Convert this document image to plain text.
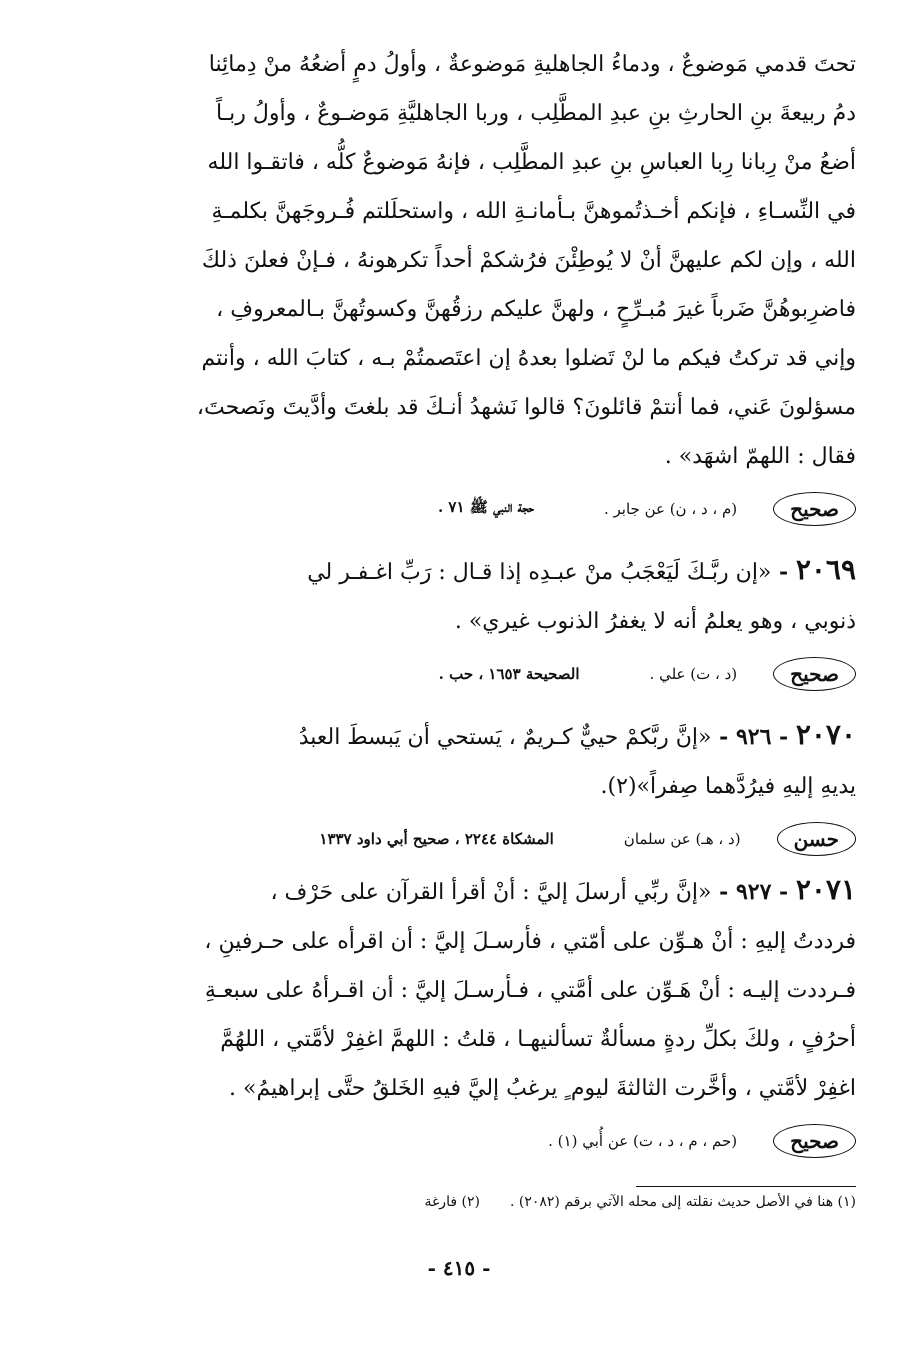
تحتَ قدمي مَوضوعٌ ، ودماءُ الجاهليةِ مَوضوعةٌ ، وأولُ دمٍ أضعُهُ منْ دِمائِنا
دمُ ربيعةَ بنِ الحارثِ بنِ عبدِ المطَّلِب ، وربا الجاهليَّةِ مَوضـوعٌ ، وأولُ ربـاً
أضعُ منْ رِبانا رِبا العباسِ بنِ عبدِ المطَّلِب ، فإنهُ مَوضوعٌ كلُّه ، فاتقـوا الله
في النِّسـاءِ ، فإنكم أخـذتُموهنَّ بـأمانـةِ الله ، واستحلَلتم فُـروجَهنَّ بكلمـةِ
الله ، وإن لكم عليهنَّ أنْ لا يُوطِئْنَ فرُشكمْ أحداً تكرهونهُ ، فـإنْ فعلنَ ذلكَ
فاضرِبوهُنَّ ضَرباً غيرَ مُبـرِّحٍ ، ولهنَّ عليكم رزقُهنَّ وكسوتُهنَّ بـالمعروفِ ،
وإني قد تركتُ فيكم ما لنْ تَضلوا بعدهُ إن اعتَصمتُمْ بـه ، كتابَ الله ، وأنتم
مسؤلونَ عَني، فما أنتمْ قائلونَ؟ قالوا نَشهدُ أنـكَ قد بلغتَ وأدَّيتَ ونَصحتَ،
فقال : اللهمّ اشهَد» .
صحيح
(م ، د ، ن) عن جابر .
حجة النبي ﷺ ٧١ .
٢٠٦٩ - «إن ربَّـكَ لَيَعْجَبُ منْ عبـدِه إذا قـال : رَبِّ اغـفـر لي
ذنوبي ، وهو يعلمُ أنه لا يغفرُ الذنوب غيري» .
صحيح
(د ، ت) علي .
الصحيحة ١٦٥٣ ، حب .
٢٠٧٠ - ٩٢٦ - «إنَّ ربَّكمْ حييٌّ كـريمٌ ، يَستحي أن يَبسطَ العبدُ
يديهِ إليهِ فيرُدَّهما صِفراً»(٢).
حسن
(د ، هـ) عن سلمان
المشكاة ٢٢٤٤ ، صحيح أبي داود ١٣٣٧
٢٠٧١ - ٩٢٧ - «إنَّ ربِّي أرسلَ إليَّ : أنْ أقرأ القرآن على حَرْف ،
فرددتُ إليهِ : أنْ هـوِّن على أمّتي ، فأرسـلَ إليَّ : أن اقرأه على حـرفينِ ،
فـرددت إليـه : أنْ هَـوِّن على أمَّتي ، فـأرسـلَ إليَّ : أن اقـرأهُ على سبعـةِ
أحرُفٍ ، ولكَ بكلِّ ردةٍ مسألةٌ تسألنيهـا ، قلتُ : اللهمَّ اغفِرْ لأمَّتي ، اللهُمَّ
اغفِرْ لأمَّتي ، وأخَّرت الثالثةَ ليوم ٍ يرغبُ إليَّ فيهِ الخَلقُ حتَّى إبراهيمُ» .
صحيح
(حم ، م ، د ، ت) عن أُبي (١) .
(١) هنا في الأصل حديث نقلته إلى محله الآتي برقم (٢٠٨٢) .(٢) فارغة
- ٤١٥ -
